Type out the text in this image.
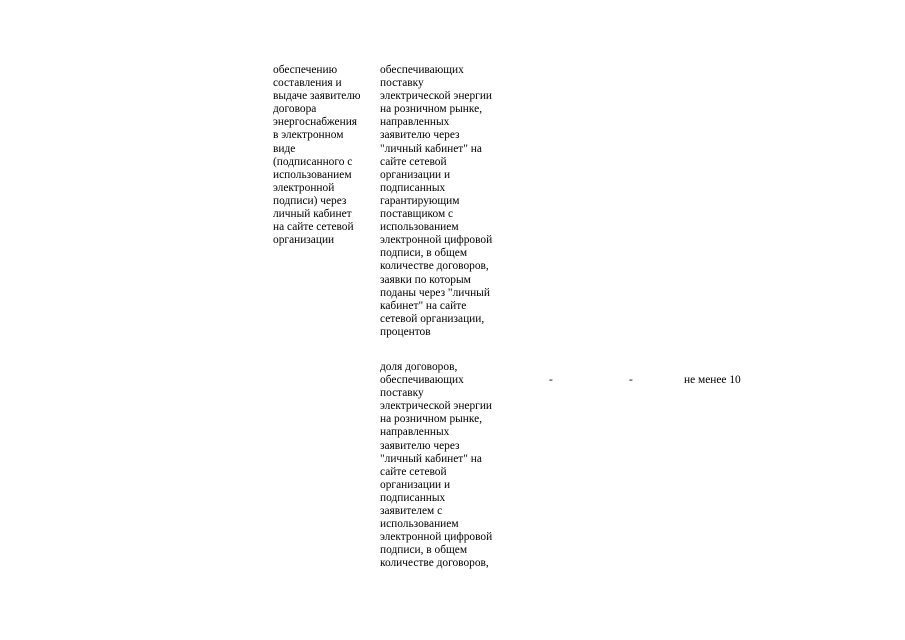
обеспечению
составления и
выдаче заявителю
договора
энергоснабжения
в электронном
виде
(подписанного с
использованием
электронной
подписи) через
личный кабинет
на сайте сетевой
организации
обеспечивающих
поставку
электрической энергии
на розничном рынке,
направленных
заявителю через
"личный кабинет" на
сайте сетевой
организации и
подписанных
гарантирующим
поставщиком с
использованием
электронной цифровой
подписи, в общем
количестве договоров,
заявки по которым
поданы через "личный
кабинет" на сайте
сетевой организации,
процентов
доля договоров,
обеспечивающих
поставку
электрической энергии
на розничном рынке,
направленных
заявителю через
"личный кабинет" на
сайте сетевой
организации и
подписанных
заявителем с
использованием
электронной цифровой
подписи, в общем
количестве договоров,
-	-	не менее 10
